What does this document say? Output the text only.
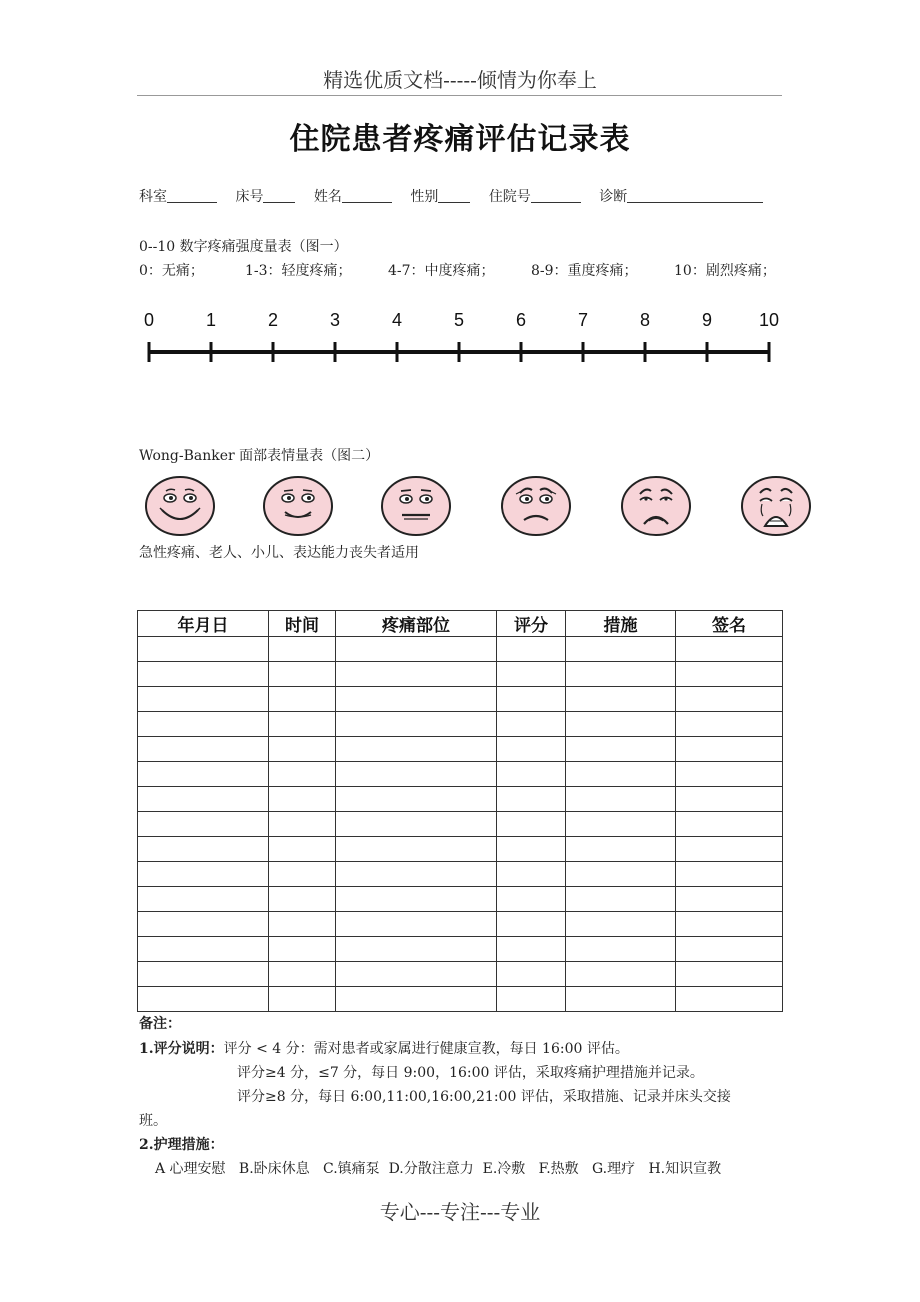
精选优质文档-----倾情为你奉上
住院患者疼痛评估记录表
科室	床号	姓名	性别	住院号	诊断
0--10 数字疼痛强度量表（图一）
0：无痛；	1-3：轻度疼痛；	4-7：中度疼痛；	8-9：重度疼痛；	10：剧烈疼痛；
0	1	2	3	4	5	6	7	8	9	10
Wong-Banker 面部表情量表（图二）
急性疼痛、老人、小儿、表达能力丧失者适用
年月日	时间	疼痛部位	评分	措施	签名

备注：
1.评分说明：评分 < 4 分：需对患者或家属进行健康宣教，每日 16:00 评估。
评分≥4 分，≤7 分，每日 9:00，16:00 评估，采取疼痛护理措施并记录。
评分≥8 分，每日 6:00,11:00,16:00,21:00 评估，采取措施、记录并床头交接
班。
2.护理措施：
A 心理安慰   B.卧床休息   C.镇痛泵  D.分散注意力  E.冷敷   F.热敷   G.理疗   H.知识宣教
专心---专注---专业
